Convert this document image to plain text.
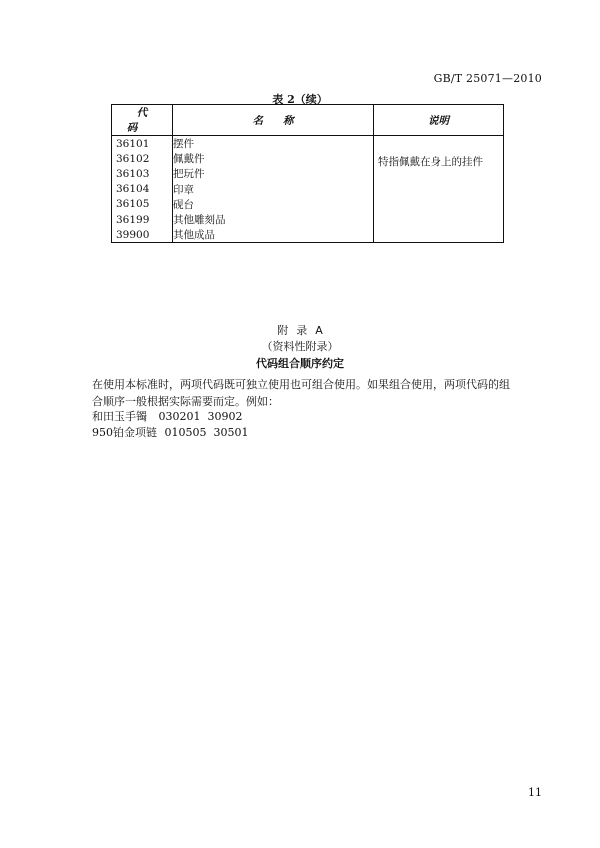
GB/T 25071—2010
表 2（续）
代码	名称	说明
36101	摆件	特指佩戴在身上的挂件
36102	佩戴件	
36103	把玩件	
36104	印章	
36105	砚台	
36199	其他雕刻品	
39900	其他成品	
附录A
（资料性附录）
代码组合顺序约定
在使用本标准时，两项代码既可独立使用也可组合使用。如果组合使用，两项代码的组合顺序一般根据实际需要而定。例如：
和田玉手镯 030201  30902
950铂金项链 010505  30501
11
